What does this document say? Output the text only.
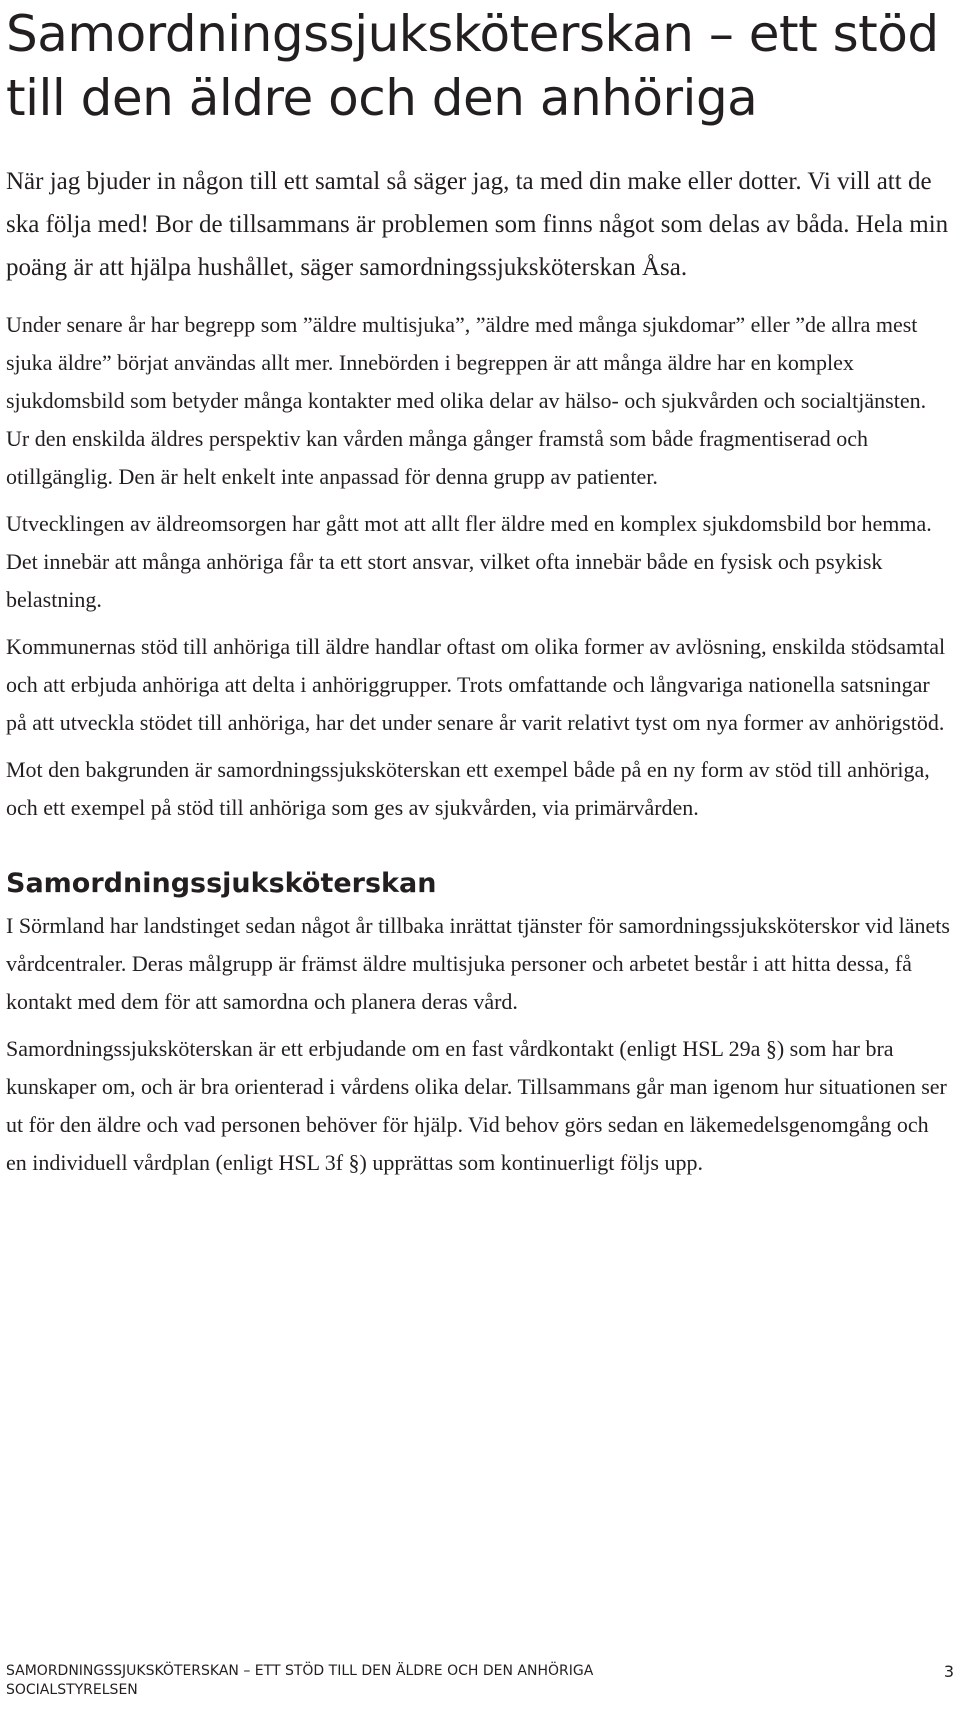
Samordningssjuksköterskan – ett stöd till den äldre och den anhöriga

När jag bjuder in någon till ett samtal så säger jag, ta med din make eller dotter. Vi vill att de ska följa med! Bor de tillsammans är problemen som finns något som delas av båda. Hela min poäng är att hjälpa hushållet, säger samordningssjuksköterskan Åsa.

Under senare år har begrepp som ”äldre multisjuka”, ”äldre med många sjukdomar” eller ”de allra mest sjuka äldre” börjat användas allt mer. Innebörden i begreppen är att många äldre har en komplex sjukdomsbild som betyder många kontakter med olika delar av hälso- och sjukvården och socialtjänsten. Ur den enskilda äldres perspektiv kan vården många gånger framstå som både fragmentiserad och otillgänglig. Den är helt enkelt inte anpassad för denna grupp av patienter.

Utvecklingen av äldreomsorgen har gått mot att allt fler äldre med en komplex sjukdomsbild bor hemma. Det innebär att många anhöriga får ta ett stort ansvar, vilket ofta innebär både en fysisk och psykisk belastning.

Kommunernas stöd till anhöriga till äldre handlar oftast om olika former av avlösning, enskilda stödsamtal och att erbjuda anhöriga att delta i anhöriggrupper. Trots omfattande och långvariga nationella satsningar på att utveckla stödet till anhöriga, har det under senare år varit relativt tyst om nya former av anhörigstöd.

Mot den bakgrunden är samordningssjuksköterskan ett exempel både på en ny form av stöd till anhöriga, och ett exempel på stöd till anhöriga som ges av sjukvården, via primärvården.

Samordningssjuksköterskan

I Sörmland har landstinget sedan något år tillbaka inrättat tjänster för samordningssjuksköterskor vid länets vårdcentraler. Deras målgrupp är främst äldre multisjuka personer och arbetet består i att hitta dessa, få kontakt med dem för att samordna och planera deras vård.

Samordningssjuksköterskan är ett erbjudande om en fast vårdkontakt (enligt HSL 29a §) som har bra kunskaper om, och är bra orienterad i vårdens olika delar. Tillsammans går man igenom hur situationen ser ut för den äldre och vad personen behöver för hjälp. Vid behov görs sedan en läkemedelsgenomgång och en individuell vårdplan (enligt HSL 3f §) upprättas som kontinuerligt följs upp.

SAMORDNINGSSJUKSKÖTERSKAN – ETT STÖD TILL DEN ÄLDRE OCH DEN ANHÖRIGA
SOCIALSTYRELSEN
3
